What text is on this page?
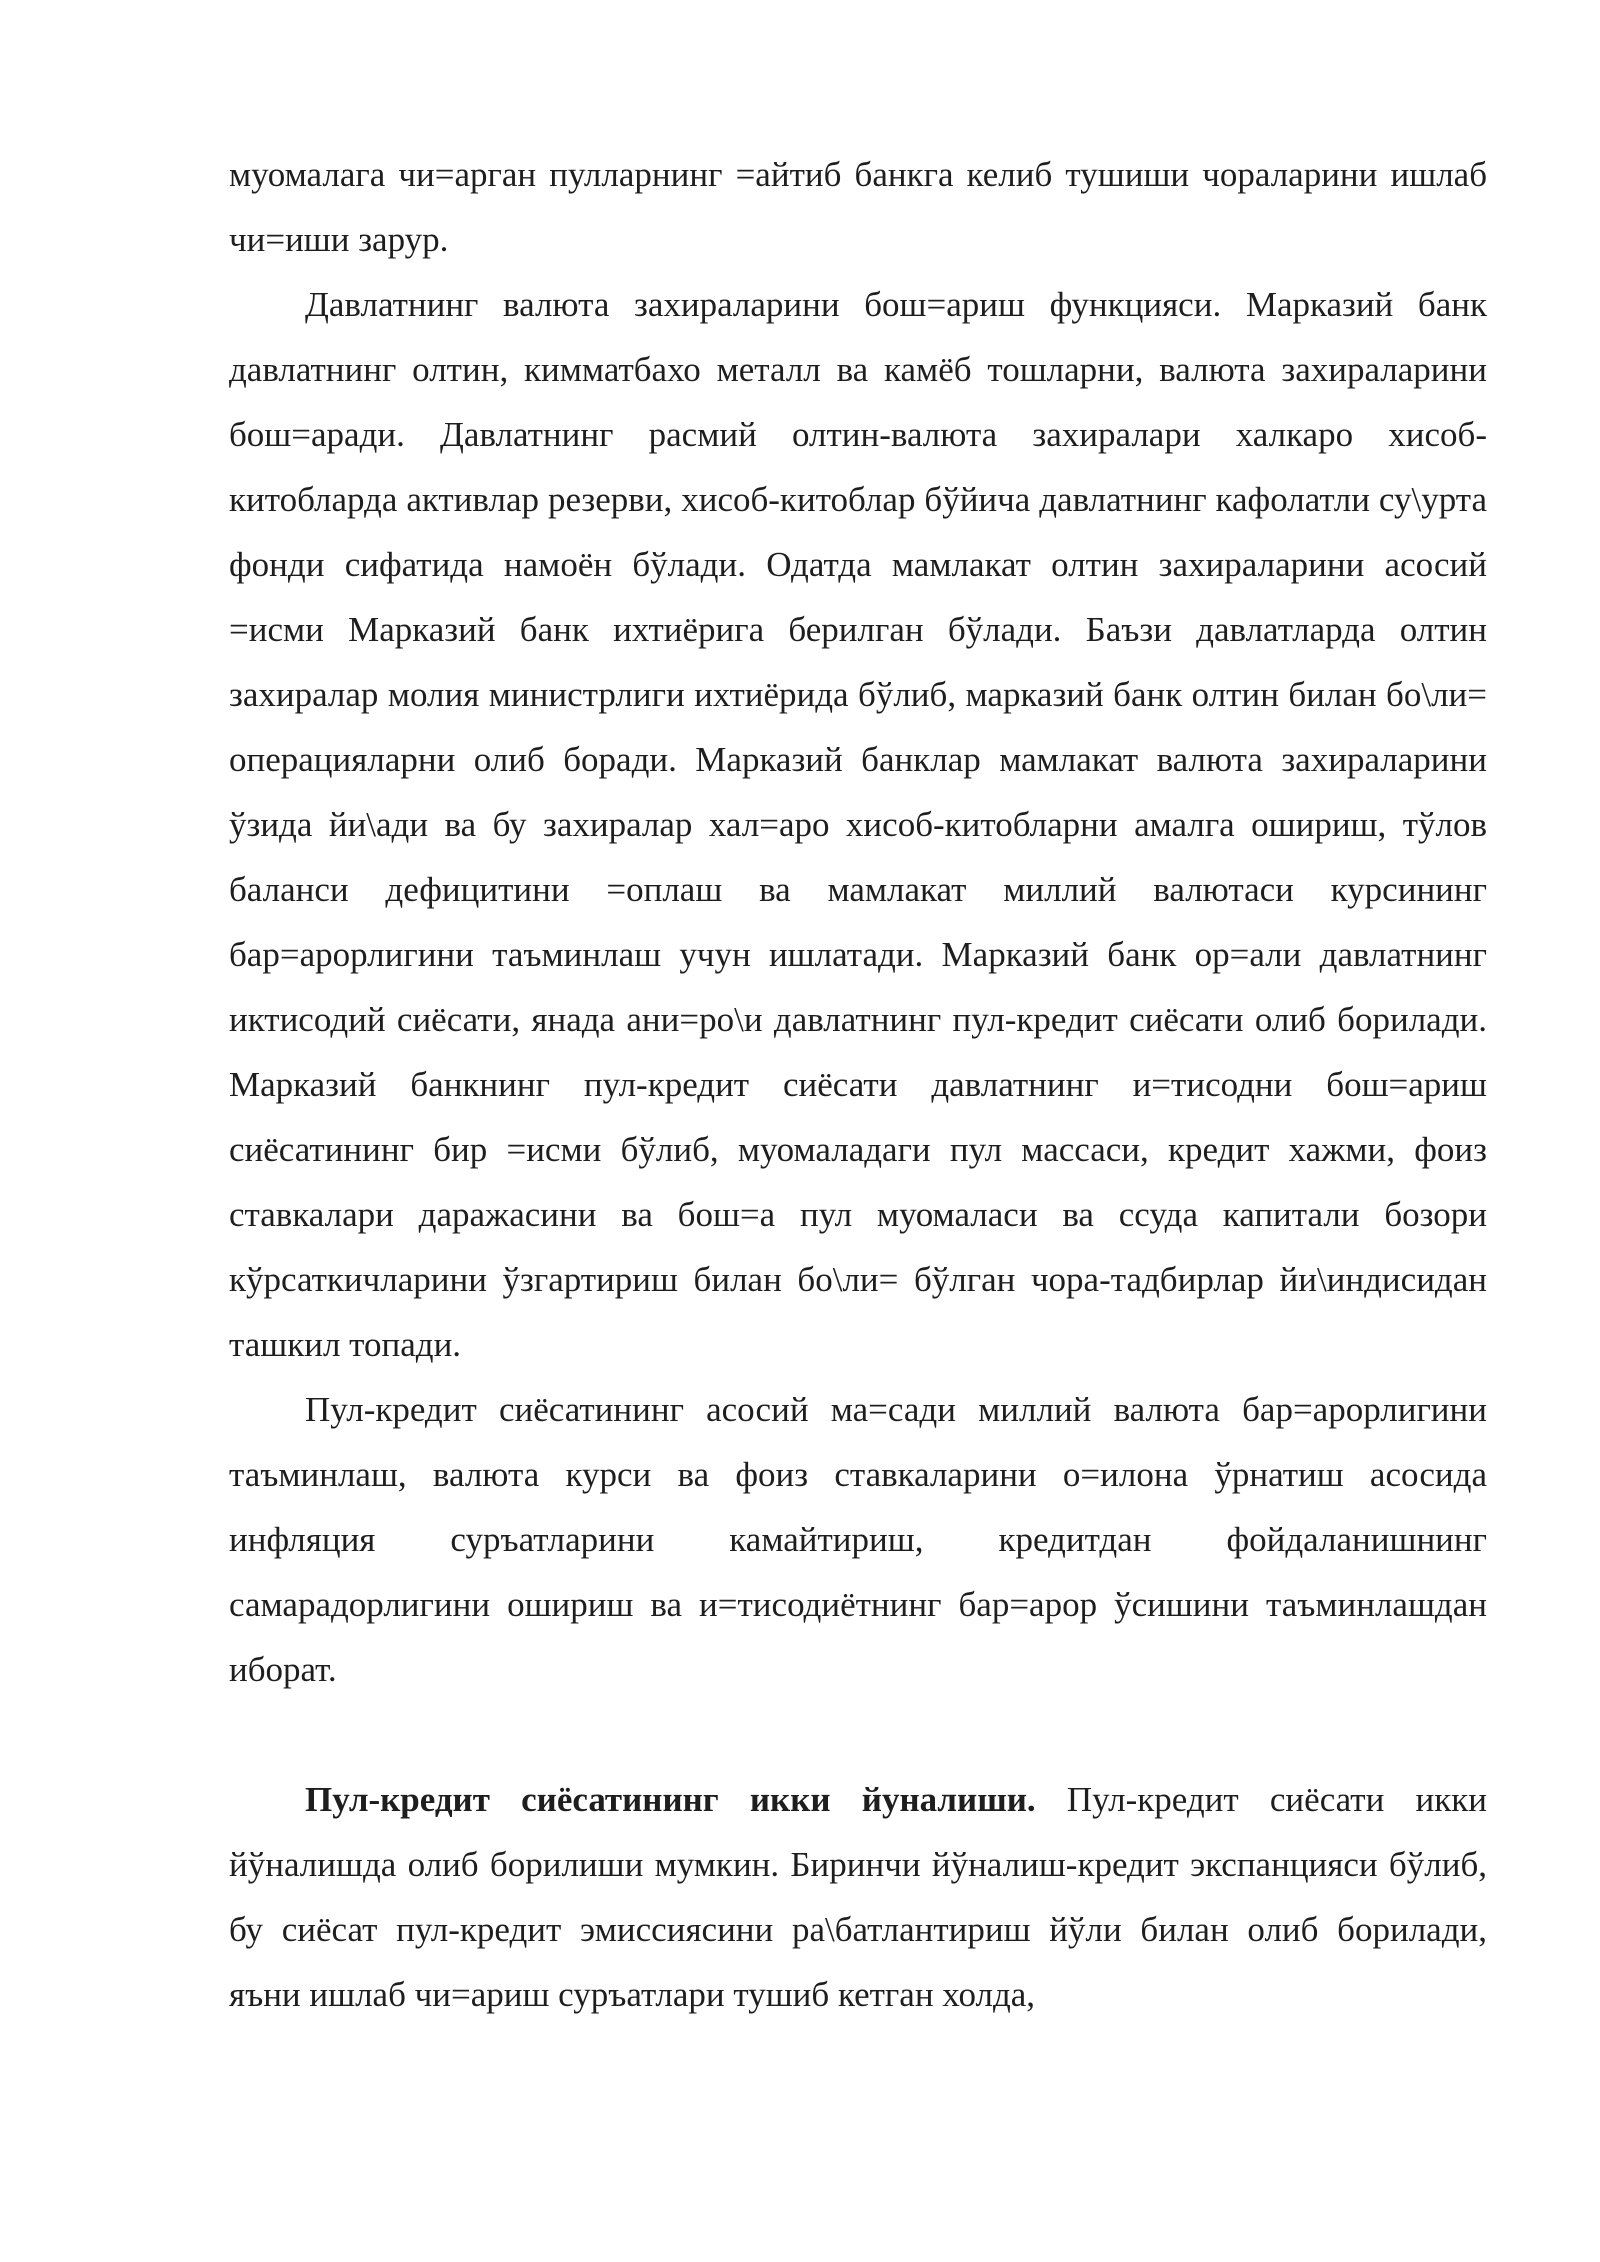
муомалага чи=арган пулларнинг =айтиб банкга келиб тушиши чораларини ишлаб чи=иши зарур.

Давлатнинг валюта захираларини бош=ариш функцияси. Марказий банк давлатнинг олтин, кимматбахо металл ва камёб тошларни, валюта захираларини бош=аради. Давлатнинг расмий олтин-валюта захиралари халкаро хисоб-китобларда активлар резерви, хисоб-китоблар бўйича давлатнинг кафолатли су\урта фонди сифатида намоён бўлади. Одатда мамлакат олтин захираларини асосий =исми Марказий банк ихтиёрига берилган бўлади. Баъзи давлатларда олтин захиралар молия министрлиги ихтиёрида бўлиб, марказий банк олтин билан бо\ли= операцияларни олиб боради. Марказий банклар мамлакат валюта захираларини ўзида йи\ади ва бу захиралар хал=аро хисоб-китобларни амалга ошириш, тўлов баланси дефицитини =оплаш ва мамлакат миллий валютаси курсининг бар=арорлигини таъминлаш учун ишлатади. Марказий банк ор=али давлатнинг иктисодий сиёсати, янада ани=ро\и давлатнинг пул-кредит сиёсати олиб борилади. Марказий банкнинг пул-кредит сиёсати давлатнинг и=тисодни бош=ариш сиёсатининг бир =исми бўлиб, муомаладаги пул массаси, кредит хажми, фоиз ставкалари даражасини ва бош=а пул муомаласи ва ссуда капитали бозори кўрсаткичларини ўзгартириш билан бо\ли= бўлган чора-тадбирлар йи\индисидан ташкил топади.

Пул-кредит сиёсатининг асосий ма=сади миллий валюта бар=арорлигини таъминлаш, валюта курси ва фоиз ставкаларини о=илона ўрнатиш асосида инфляция суръатларини камайтириш, кредитдан фойдаланишнинг самарадорлигини ошириш ва и=тисодиётнинг бар=арор ўсишини таъминлашдан иборат.

Пул-кредит сиёсатининг икки йуналиши. Пул-кредит сиёсати икки йўналишда олиб борилиши мумкин. Биринчи йўналиш-кредит экспанцияси бўлиб, бу сиёсат пул-кредит эмиссиясини ра\батлантириш йўли билан олиб борилади, яъни ишлаб чи=ариш суръатлари тушиб кетган холда,
